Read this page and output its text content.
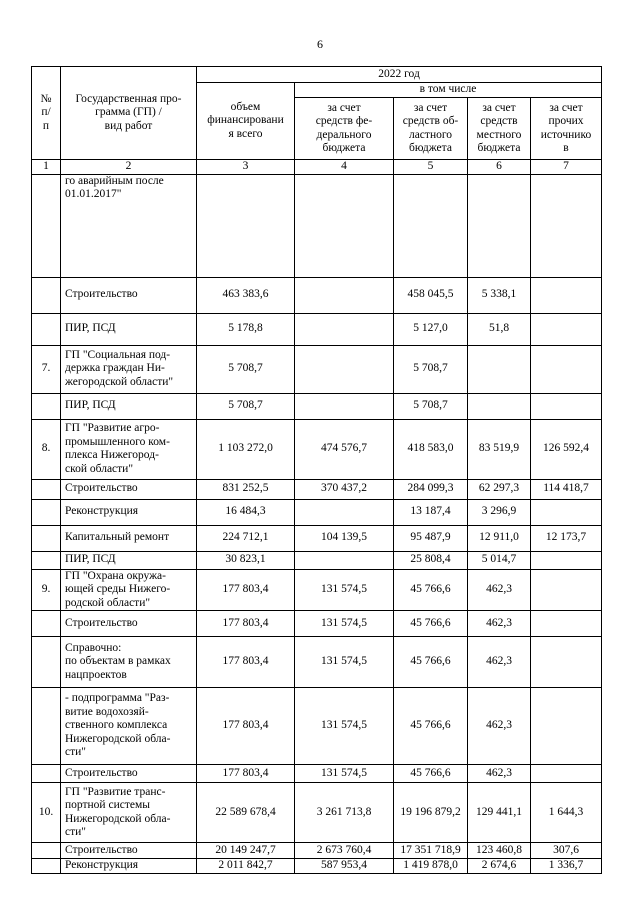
6
№
п/
п	Государственная про-
грамма (ГП) /
вид работ	2022 год				
		объем
финансировани
я всего	в том числе			
			за счет
средств фе-
дерального
бюджета	за счет
средств об-
ластного
бюджета	за счет
средств
местного
бюджета	за счет
прочих
источнико
в
1	2	3	4	5	6	7
	го аварийным после
01.01.2017"					
	Строительство	463 383,6		458 045,5	5 338,1	
	ПИР, ПСД	5 178,8		5 127,0	51,8	
7.	ГП "Социальная под-
держка граждан Ни-
жегородской области"	5 708,7		5 708,7		
	ПИР, ПСД	5 708,7		5 708,7		
8.	ГП "Развитие агро-
промышленного ком-
плекса Нижегород-
ской области"	1 103 272,0	474 576,7	418 583,0	83 519,9	126 592,4
	Строительство	831 252,5	370 437,2	284 099,3	62 297,3	114 418,7
	Реконструкция	16 484,3		13 187,4	3 296,9	
	Капитальный ремонт	224 712,1	104 139,5	95 487,9	12 911,0	12 173,7
	ПИР, ПСД	30 823,1		25 808,4	5 014,7	
9.	ГП "Охрана окружа-
ющей среды Нижего-
родской области"	177 803,4	131 574,5	45 766,6	462,3	
	Строительство	177 803,4	131 574,5	45 766,6	462,3	
	Справочно:
по объектам в рамках
нацпроектов	177 803,4	131 574,5	45 766,6	462,3	
	- подпрограмма "Раз-
витие водохозяй-
ственного комплекса
Нижегородской обла-
сти"	177 803,4	131 574,5	45 766,6	462,3	
	Строительство	177 803,4	131 574,5	45 766,6	462,3	
10.	ГП "Развитие транс-
портной системы
Нижегородской обла-
сти"	22 589 678,4	3 261 713,8	19 196 879,2	129 441,1	1 644,3
	Строительство	20 149 247,7	2 673 760,4	17 351 718,9	123 460,8	307,6
	Реконструкция	2 011 842,7	587 953,4	1 419 878,0	2 674,6	1 336,7
